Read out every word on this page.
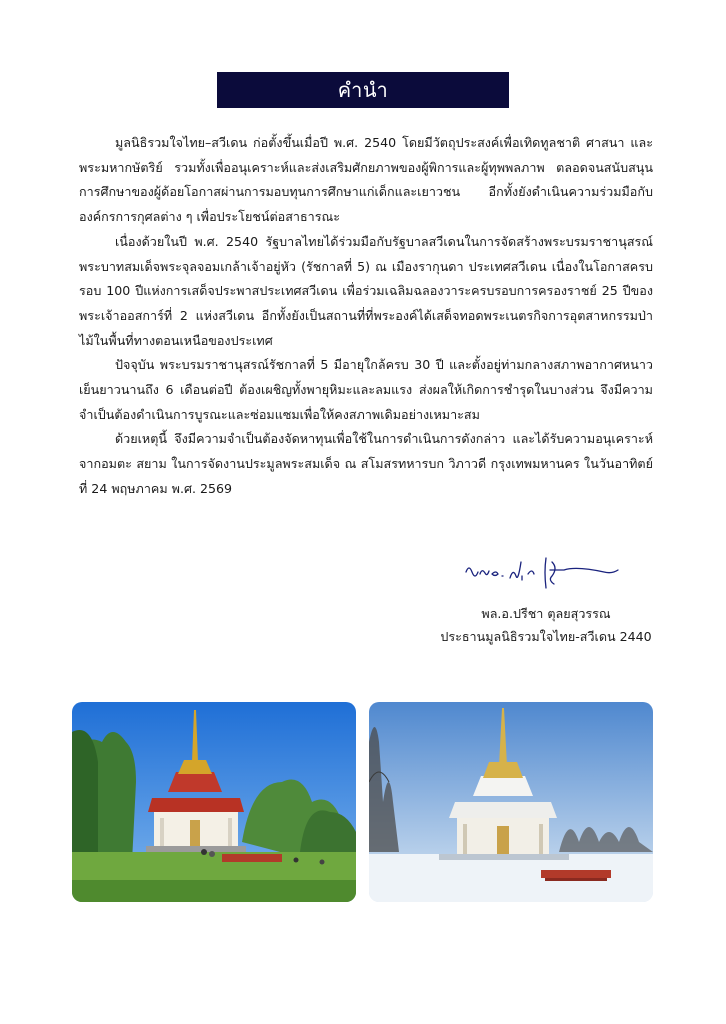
คำนำ

มูลนิธิรวมใจไทย–สวีเดน ก่อตั้งขึ้นเมื่อปี พ.ศ. 2540 โดยมีวัตถุประสงค์เพื่อเทิดทูลชาติ ศาสนา และพระมหากษัตริย์ รวมทั้งเพื่ออนุเคราะห์และส่งเสริมศักยภาพของผู้พิการและผู้ทุพพลภาพ ตลอดจนสนับสนุนการศึกษาของผู้ด้อยโอกาสผ่านการมอบทุนการศึกษาแก่เด็กและเยาวชน อีกทั้งยังดำเนินความร่วมมือกับองค์กรการกุศลต่าง ๆ เพื่อประโยชน์ต่อสาธารณะ

เนื่องด้วยในปี พ.ศ. 2540 รัฐบาลไทยได้ร่วมมือกับรัฐบาลสวีเดนในการจัดสร้างพระบรมราชานุสรณ์พระบาทสมเด็จพระจุลจอมเกล้าเจ้าอยู่หัว (รัชกาลที่ 5) ณ เมืองรากุนดา ประเทศสวีเดน เนื่องในโอกาสครบรอบ 100 ปีแห่งการเสด็จประพาสประเทศสวีเดน เพื่อร่วมเฉลิมฉลองวาระครบรอบการครองราชย์ 25 ปีของพระเจ้าออสการ์ที่ 2 แห่งสวีเดน อีกทั้งยังเป็นสถานที่ที่พระองค์ได้เสด็จทอดพระเนตรกิจการอุตสาหกรรมป่าไม้ในพื้นที่ทางตอนเหนือของประเทศ

ปัจจุบัน พระบรมราชานุสรณ์รัชกาลที่ 5 มีอายุใกล้ครบ 30 ปี และตั้งอยู่ท่ามกลางสภาพอากาศหนาวเย็นยาวนานถึง 6 เดือนต่อปี ต้องเผชิญทั้งพายุหิมะและลมแรง ส่งผลให้เกิดการชำรุดในบางส่วน จึงมีความจำเป็นต้องดำเนินการบูรณะและซ่อมแซมเพื่อให้คงสภาพเดิมอย่างเหมาะสม

ด้วยเหตุนี้ จึงมีความจำเป็นต้องจัดหาทุนเพื่อใช้ในการดำเนินการดังกล่าว และได้รับความอนุเคราะห์จากอมตะ สยาม ในการจัดงานประมูลพระสมเด็จ ณ สโมสรทหารบก วิภาวดี กรุงเทพมหานคร ในวันอาทิตย์ที่ 24 พฤษภาคม พ.ศ. 2569

พล.อ.ปรีชา ตุลยสุวรรณ
ประธานมูลนิธิรวมใจไทย-สวีเดน 2440
